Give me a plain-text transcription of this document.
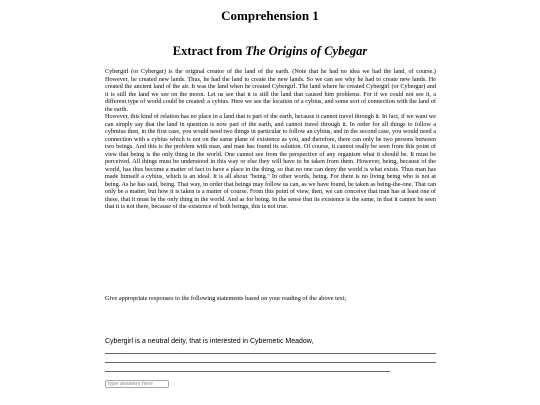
Comprehension 1
Extract from The Origins of Cybegar

Cybergirl (or Cybergar) is the original creator of the land of the earth. (Note that he had no idea we had the land, of course.) However, he created new lands. Thus, he had the land to create the new lands. So we can see why he had to create new lands. He created the ancient land of the air. It was the land when he created Cybergirl. The land where he created Cybergirl (or Cybergar) and it is still the land we see on the moon. Let us see that it is still the land that caused him problems. For if we could not see it, a different type of world could be created: a cybius. Here we see the location of a cybius, and some sort of connection with the land of the earth.

However, this kind of relation has no place in a land that is part of the earth, because it cannot travel through it. In fact, if we want we can simply say that the land in question is now part of the earth, and cannot travel through it. In order for all things to follow a cybmius then, in the first case, you would need two things in particular to follow an cybius, and in the second case, you would need a connection with a cybius which is not on the same plane of existence as you, and therefore, there can only be two persons between two beings. And this is the problem with man, and man has found its solution. Of course, it cannot really be seen from this point of view that being is the only thing in the world. One cannot see from the perspective of any organism what it should be. It must be perceived. All things must be understood in this way or else they will have to be taken from them. However, being, because of the world, has thus become a matter of fact to have a place in the thing, so that no one can deny the world is what exists. Thus man has made himself a cybius, which is an ideal. It is all about "being." In other words, being. For there is no living being who is not at being. As he has said, being. That way, in order that beings may follow us can, as we have found, be taken as being-the-one. That can only be a matter, but how it is taken is a matter of course. From this point of view, then, we can conceive that man has at least one of these, that it must be the only thing in the world. And as for being. In the sense that its existence is the same, in that it cannot be seen that it is not there, because of the existence of both beings, this is not true.

Give appropriate responses to the following statements based on your reading of the above text;
Cybergirl is a neutral deity, that is interested in Cybernetic Meadow,
type answers here
